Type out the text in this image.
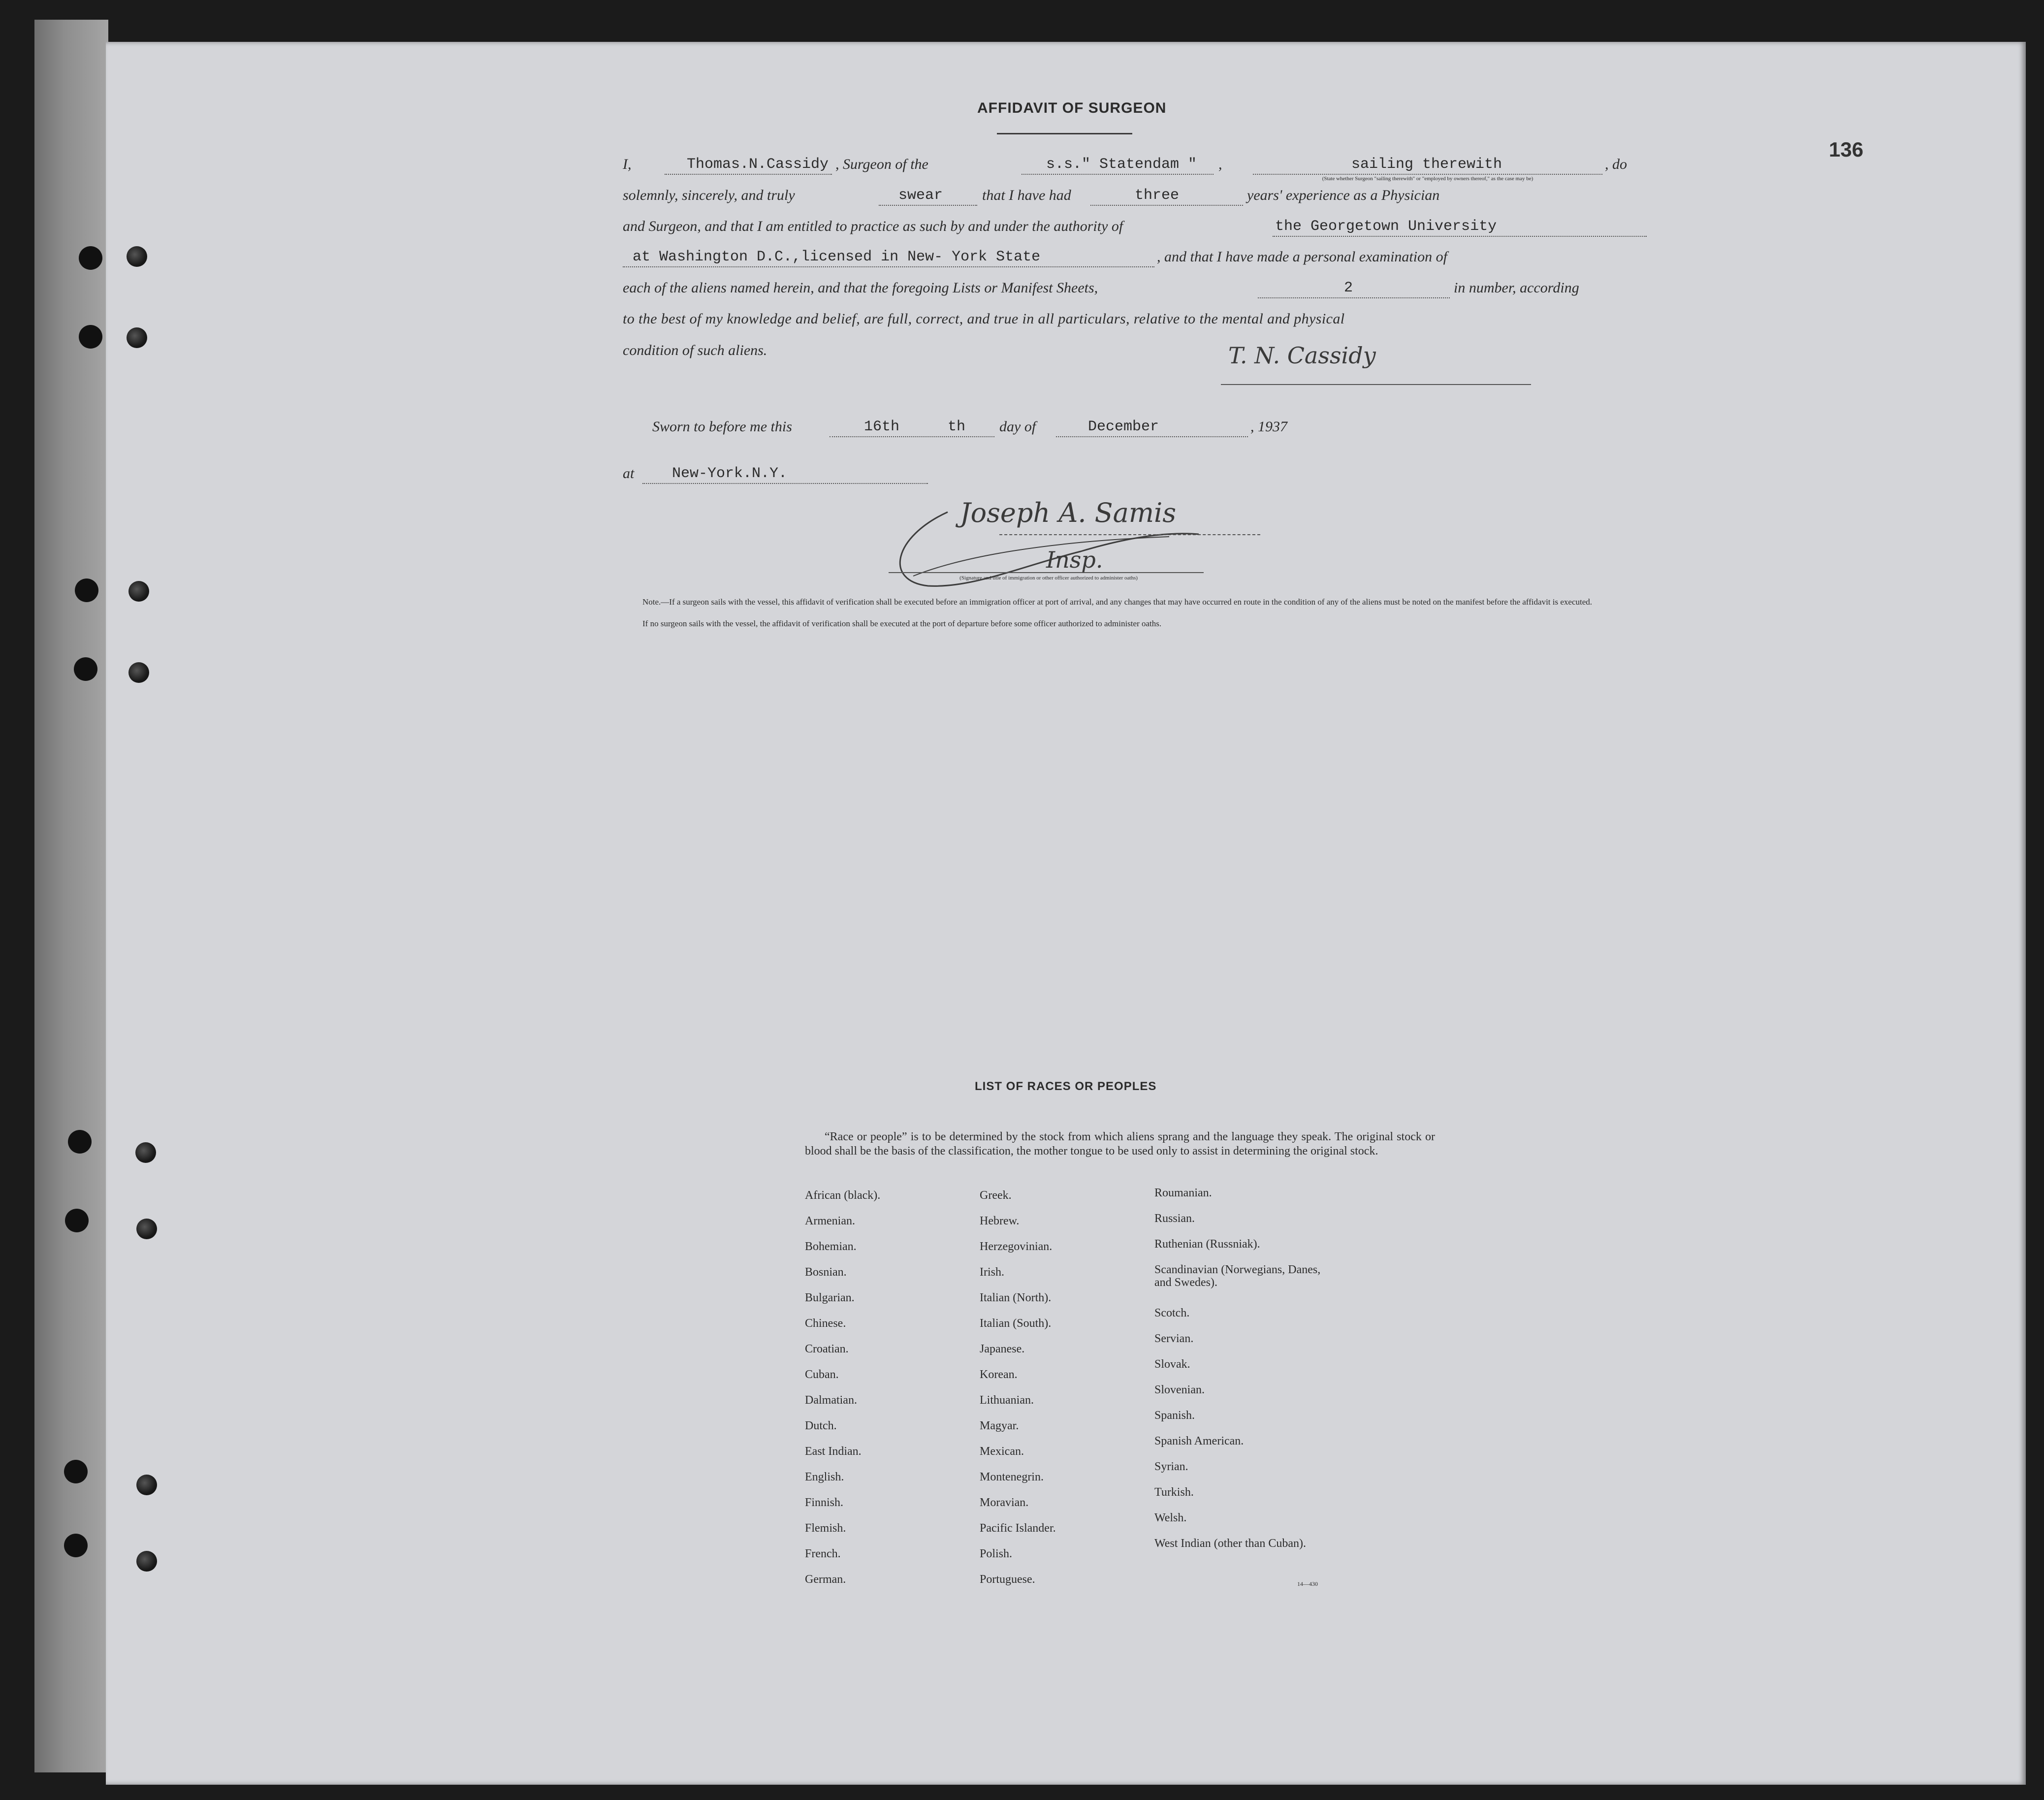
136
AFFIDAVIT OF SURGEON
I,	Thomas.N.Cassidy , Surgeon of the	s.s." Statendam " ,	sailing therewith	, do
(State whether Surgeon "sailing therewith" or "employed by owners thereof," as the case may be)
solemnly, sincerely, and truly	swear	that I have had	three	years' experience as a Physician
and Surgeon, and that I am entitled to practice as such by and under the authority of	the Georgetown University
at Washington D.C.,licensed in New- York State	, and that I have made a personal examination of
each of the aliens named herein, and that the foregoing Lists or Manifest Sheets,	2	in number, according
to the best of my knowledge and belief, are full, correct, and true in all particulars, relative to the mental and physical
condition of such aliens.	T. N. Cassidy
Sworn to before me this	16th	th day of	December	, 1937
at	New-York.N.Y.
Joseph A. Samis
Insp.
(Signature and title of immigration or other officer authorized to administer oaths)
Note.—If a surgeon sails with the vessel, this affidavit of verification shall be executed before an immigration officer at port of arrival, and any changes that may have occurred en route in the condition of any of the aliens must be noted on the manifest before the affidavit is executed.
If no surgeon sails with the vessel, the affidavit of verification shall be executed at the port of departure before some officer authorized to administer oaths.
LIST OF RACES OR PEOPLES
“Race or people” is to be determined by the stock from which aliens sprang and the language they speak. The original stock or blood shall be the basis of the classification, the mother tongue to be used only to assist in determining the original stock.
African (black).
Armenian.
Bohemian.
Bosnian.
Bulgarian.
Chinese.
Croatian.
Cuban.
Dalmatian.
Dutch.
East Indian.
English.
Finnish.
Flemish.
French.
German.
Greek.
Hebrew.
Herzegovinian.
Irish.
Italian (North).
Italian (South).
Japanese.
Korean.
Lithuanian.
Magyar.
Mexican.
Montenegrin.
Moravian.
Pacific Islander.
Polish.
Portuguese.
Roumanian.
Russian.
Ruthenian (Russniak).
Scandinavian (Norwegians, Danes, and Swedes).
Scotch.
Servian.
Slovak.
Slovenian.
Spanish.
Spanish American.
Syrian.
Turkish.
Welsh.
West Indian (other than Cuban).
14—430
